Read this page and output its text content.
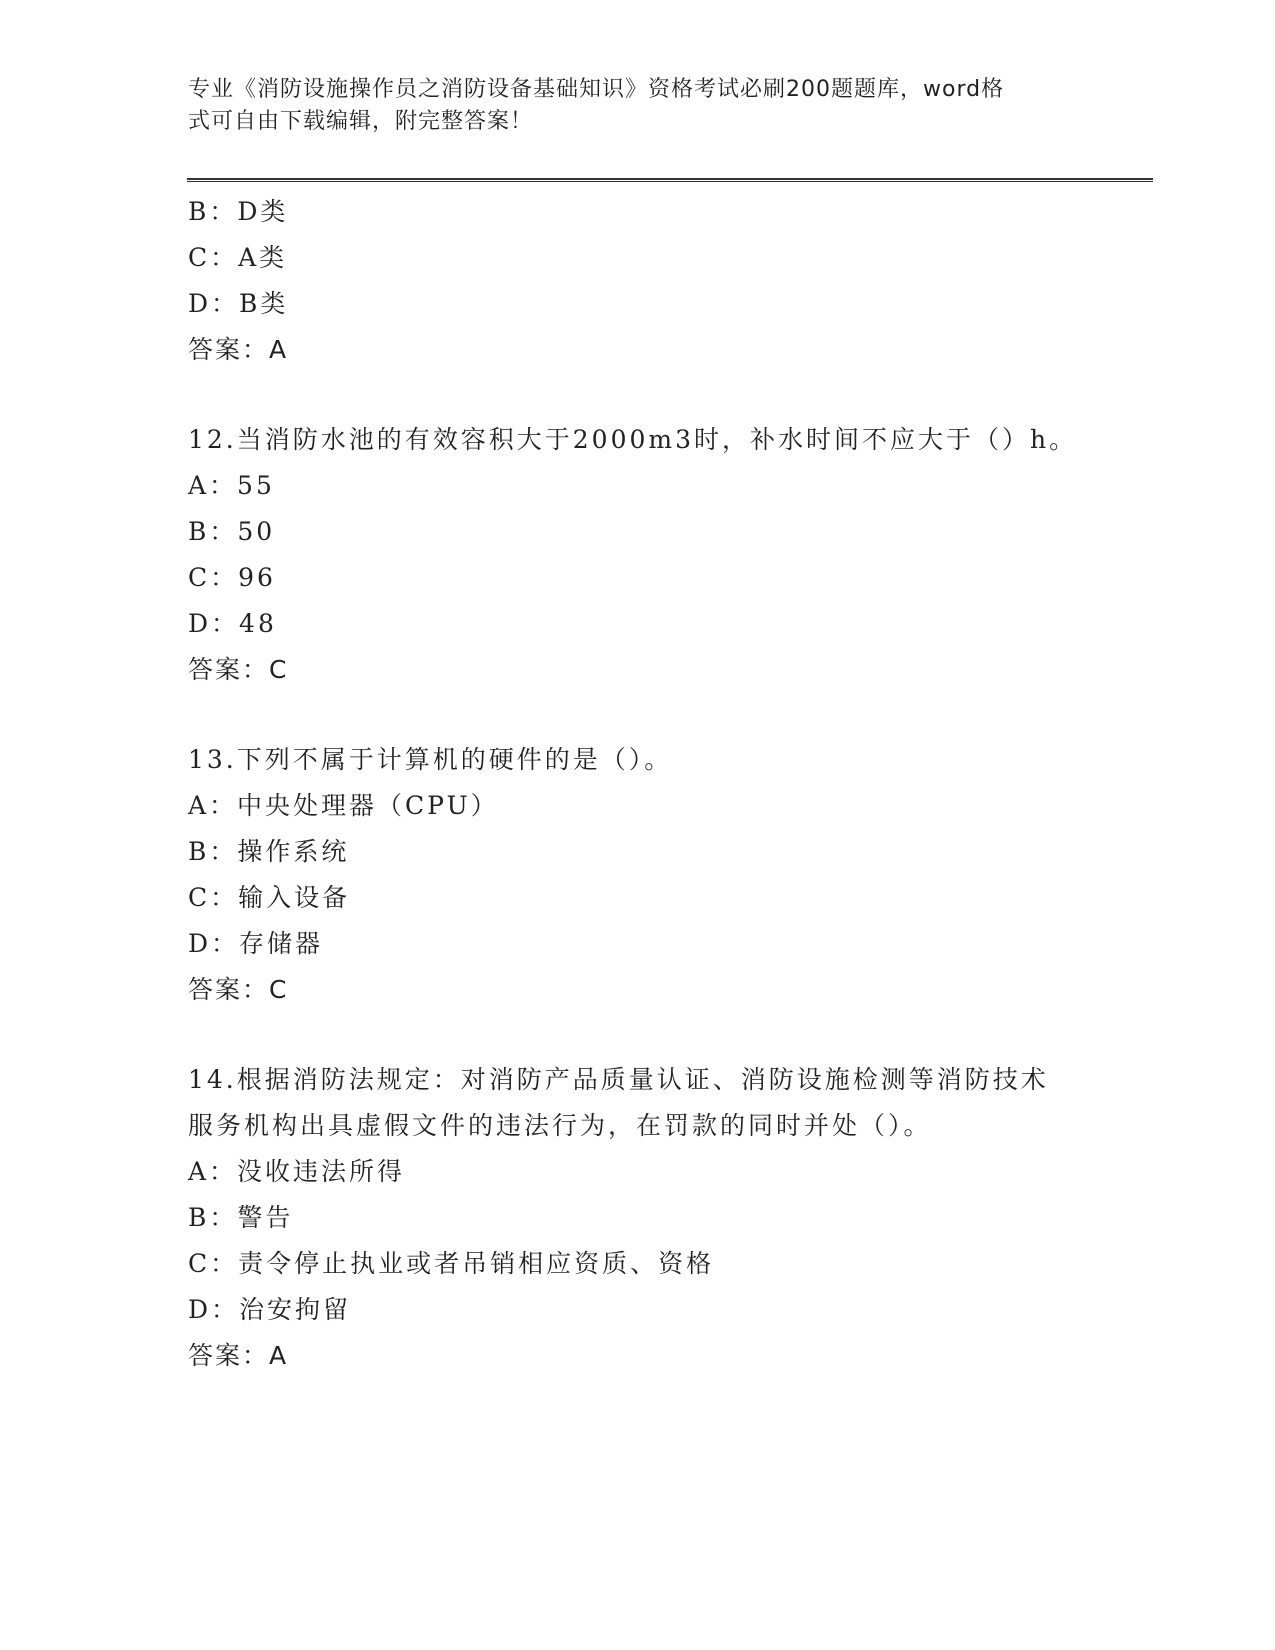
专业《消防设施操作员之消防设备基础知识》资格考试必刷200题题库，word格
式可自由下载编辑，附完整答案！
B：D类
C：A类
D：B类
答案：A
12.当消防水池的有效容积大于2000m3时，补水时间不应大于（）h。
A：55
B：50
C：96
D：48
答案：C
13.下列不属于计算机的硬件的是（）。
A：中央处理器（CPU）
B：操作系统
C：输入设备
D：存储器
答案：C
14.根据消防法规定：对消防产品质量认证、消防设施检测等消防技术
服务机构出具虚假文件的违法行为，在罚款的同时并处（）。
A：没收违法所得
B：警告
C：责令停止执业或者吊销相应资质、资格
D：治安拘留
答案：A
